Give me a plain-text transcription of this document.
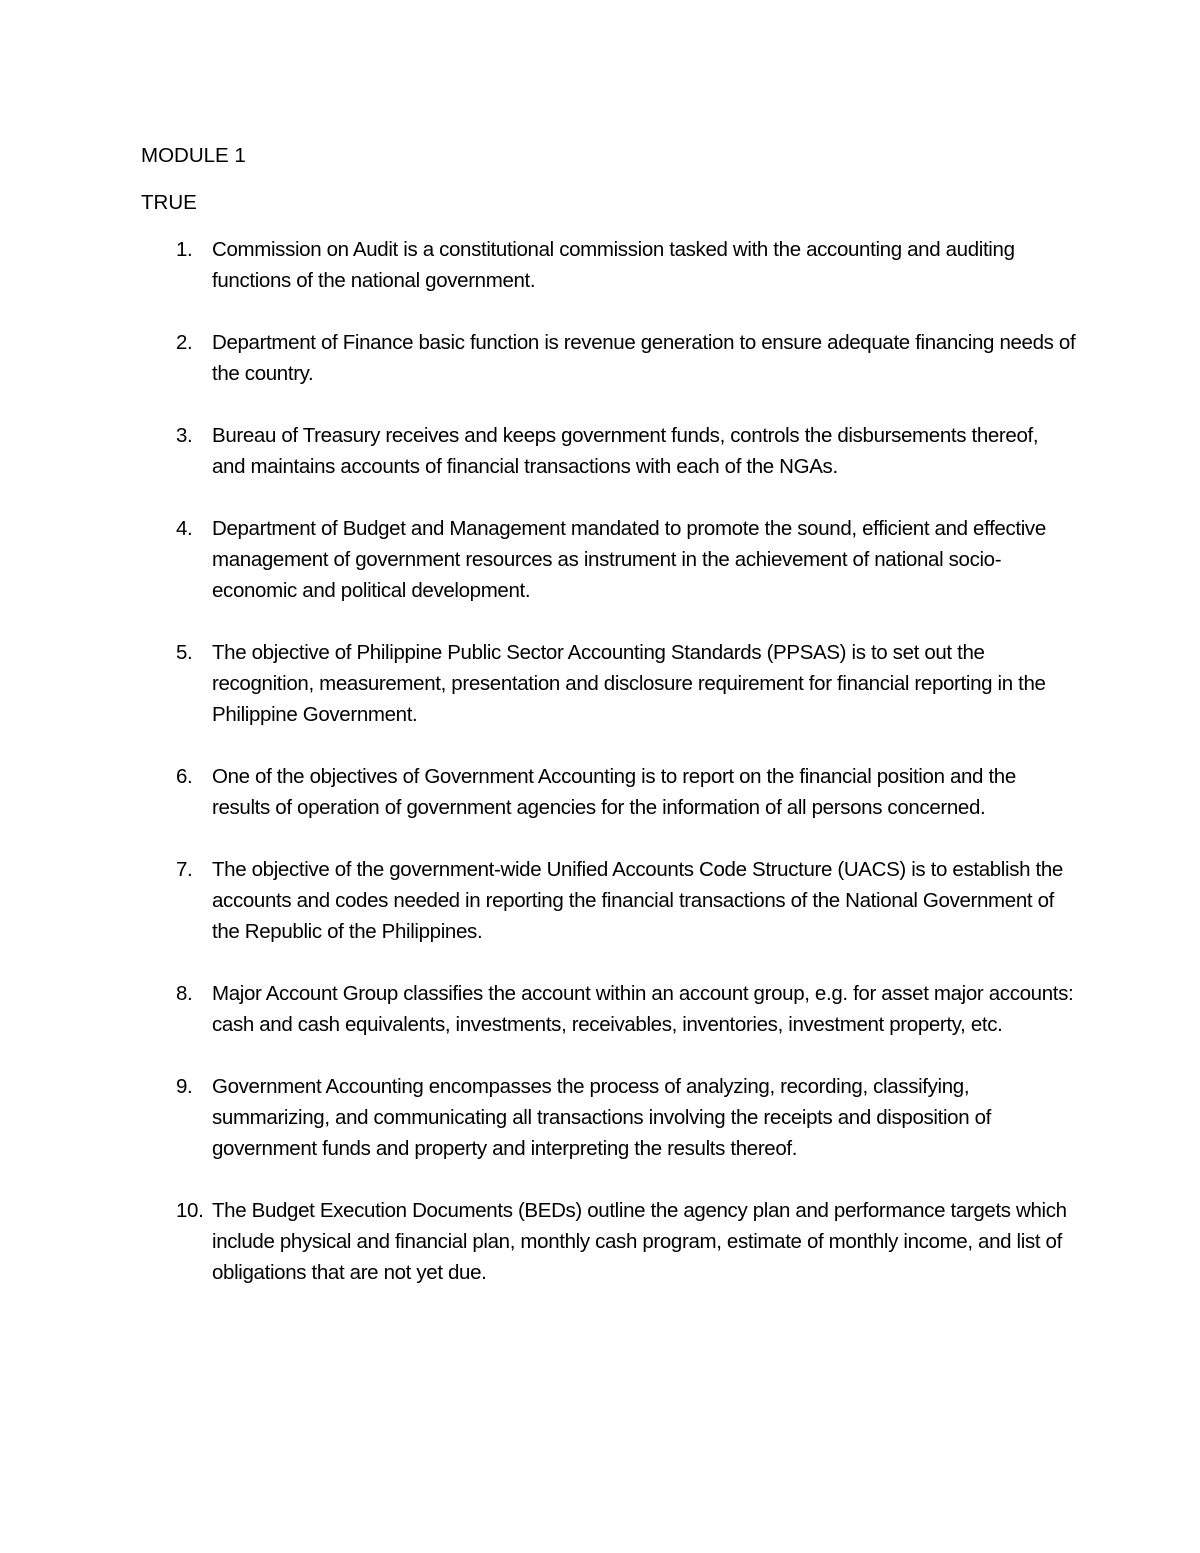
MODULE 1

TRUE

1. Commission on Audit is a constitutional commission tasked with the accounting and auditing functions of the national government.
2. Department of Finance basic function is revenue generation to ensure adequate financing needs of the country.
3. Bureau of Treasury receives and keeps government funds, controls the disbursements thereof, and maintains accounts of financial transactions with each of the NGAs.
4. Department of Budget and Management mandated to promote the sound, efficient and effective management of government resources as instrument in the achievement of national socio-economic and political development.
5. The objective of Philippine Public Sector Accounting Standards (PPSAS) is to set out the recognition, measurement, presentation and disclosure requirement for financial reporting in the Philippine Government.
6. One of the objectives of Government Accounting is to report on the financial position and the results of operation of government agencies for the information of all persons concerned.
7. The objective of the government-wide Unified Accounts Code Structure (UACS) is to establish the accounts and codes needed in reporting the financial transactions of the National Government of the Republic of the Philippines.
8. Major Account Group classifies the account within an account group, e.g. for asset major accounts: cash and cash equivalents, investments, receivables, inventories, investment property, etc.
9. Government Accounting encompasses the process of analyzing, recording, classifying, summarizing, and communicating all transactions involving the receipts and disposition of government funds and property and interpreting the results thereof.
10. The Budget Execution Documents (BEDs) outline the agency plan and performance targets which include physical and financial plan, monthly cash program, estimate of monthly income, and list of obligations that are not yet due.
